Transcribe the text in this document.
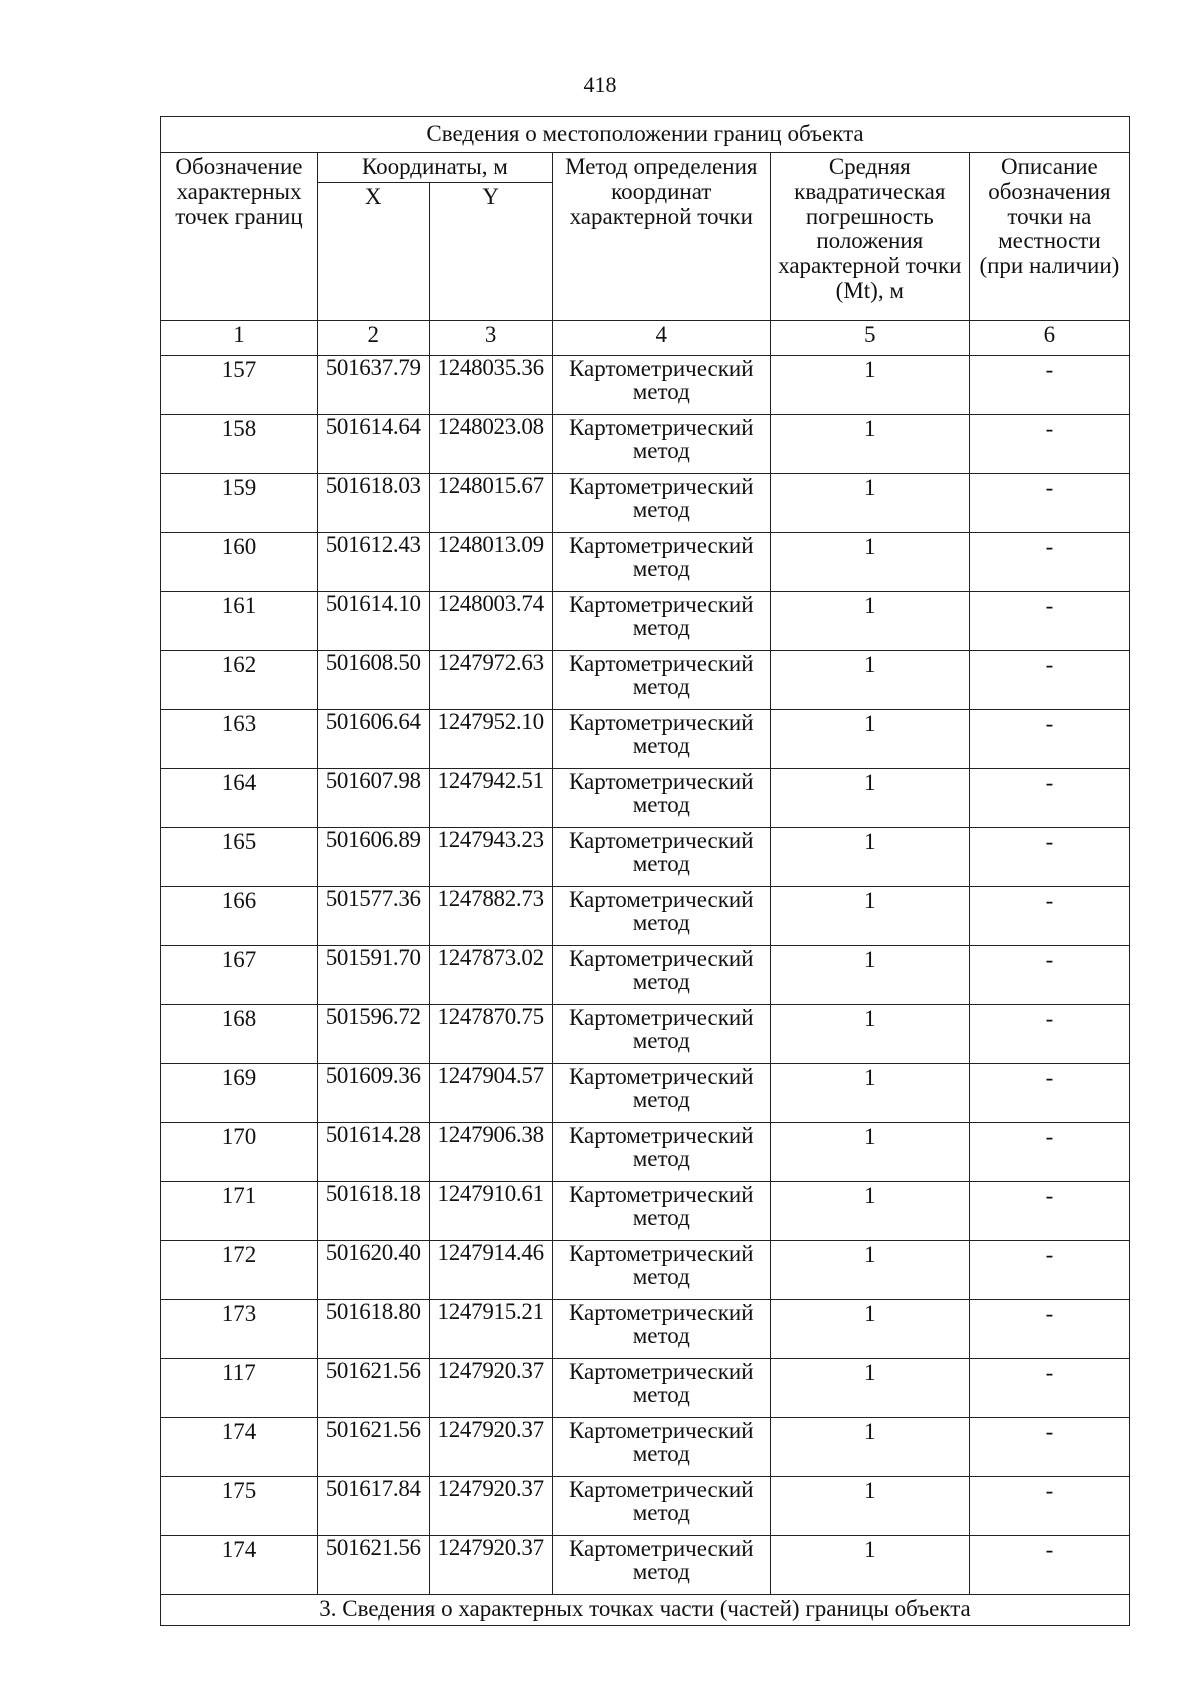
418
Сведения о местоположении границ объекта					
Обозначение характерных точек границ	Координаты, м		Метод определения координат характерной точки	Средняя квадратическая погрешность положения характерной точки (Mt), м	Описание обозначения точки на местности (при наличии)
	X	Y			
1	2	3	4	5	6
157	501637.79	1248035.36	Картометрический метод	1	-
158	501614.64	1248023.08	Картометрический метод	1	-
159	501618.03	1248015.67	Картометрический метод	1	-
160	501612.43	1248013.09	Картометрический метод	1	-
161	501614.10	1248003.74	Картометрический метод	1	-
162	501608.50	1247972.63	Картометрический метод	1	-
163	501606.64	1247952.10	Картометрический метод	1	-
164	501607.98	1247942.51	Картометрический метод	1	-
165	501606.89	1247943.23	Картометрический метод	1	-
166	501577.36	1247882.73	Картометрический метод	1	-
167	501591.70	1247873.02	Картометрический метод	1	-
168	501596.72	1247870.75	Картометрический метод	1	-
169	501609.36	1247904.57	Картометрический метод	1	-
170	501614.28	1247906.38	Картометрический метод	1	-
171	501618.18	1247910.61	Картометрический метод	1	-
172	501620.40	1247914.46	Картометрический метод	1	-
173	501618.80	1247915.21	Картометрический метод	1	-
117	501621.56	1247920.37	Картометрический метод	1	-
174	501621.56	1247920.37	Картометрический метод	1	-
175	501617.84	1247920.37	Картометрический метод	1	-
174	501621.56	1247920.37	Картометрический метод	1	-
3. Сведения о характерных точках части (частей) границы объекта					
